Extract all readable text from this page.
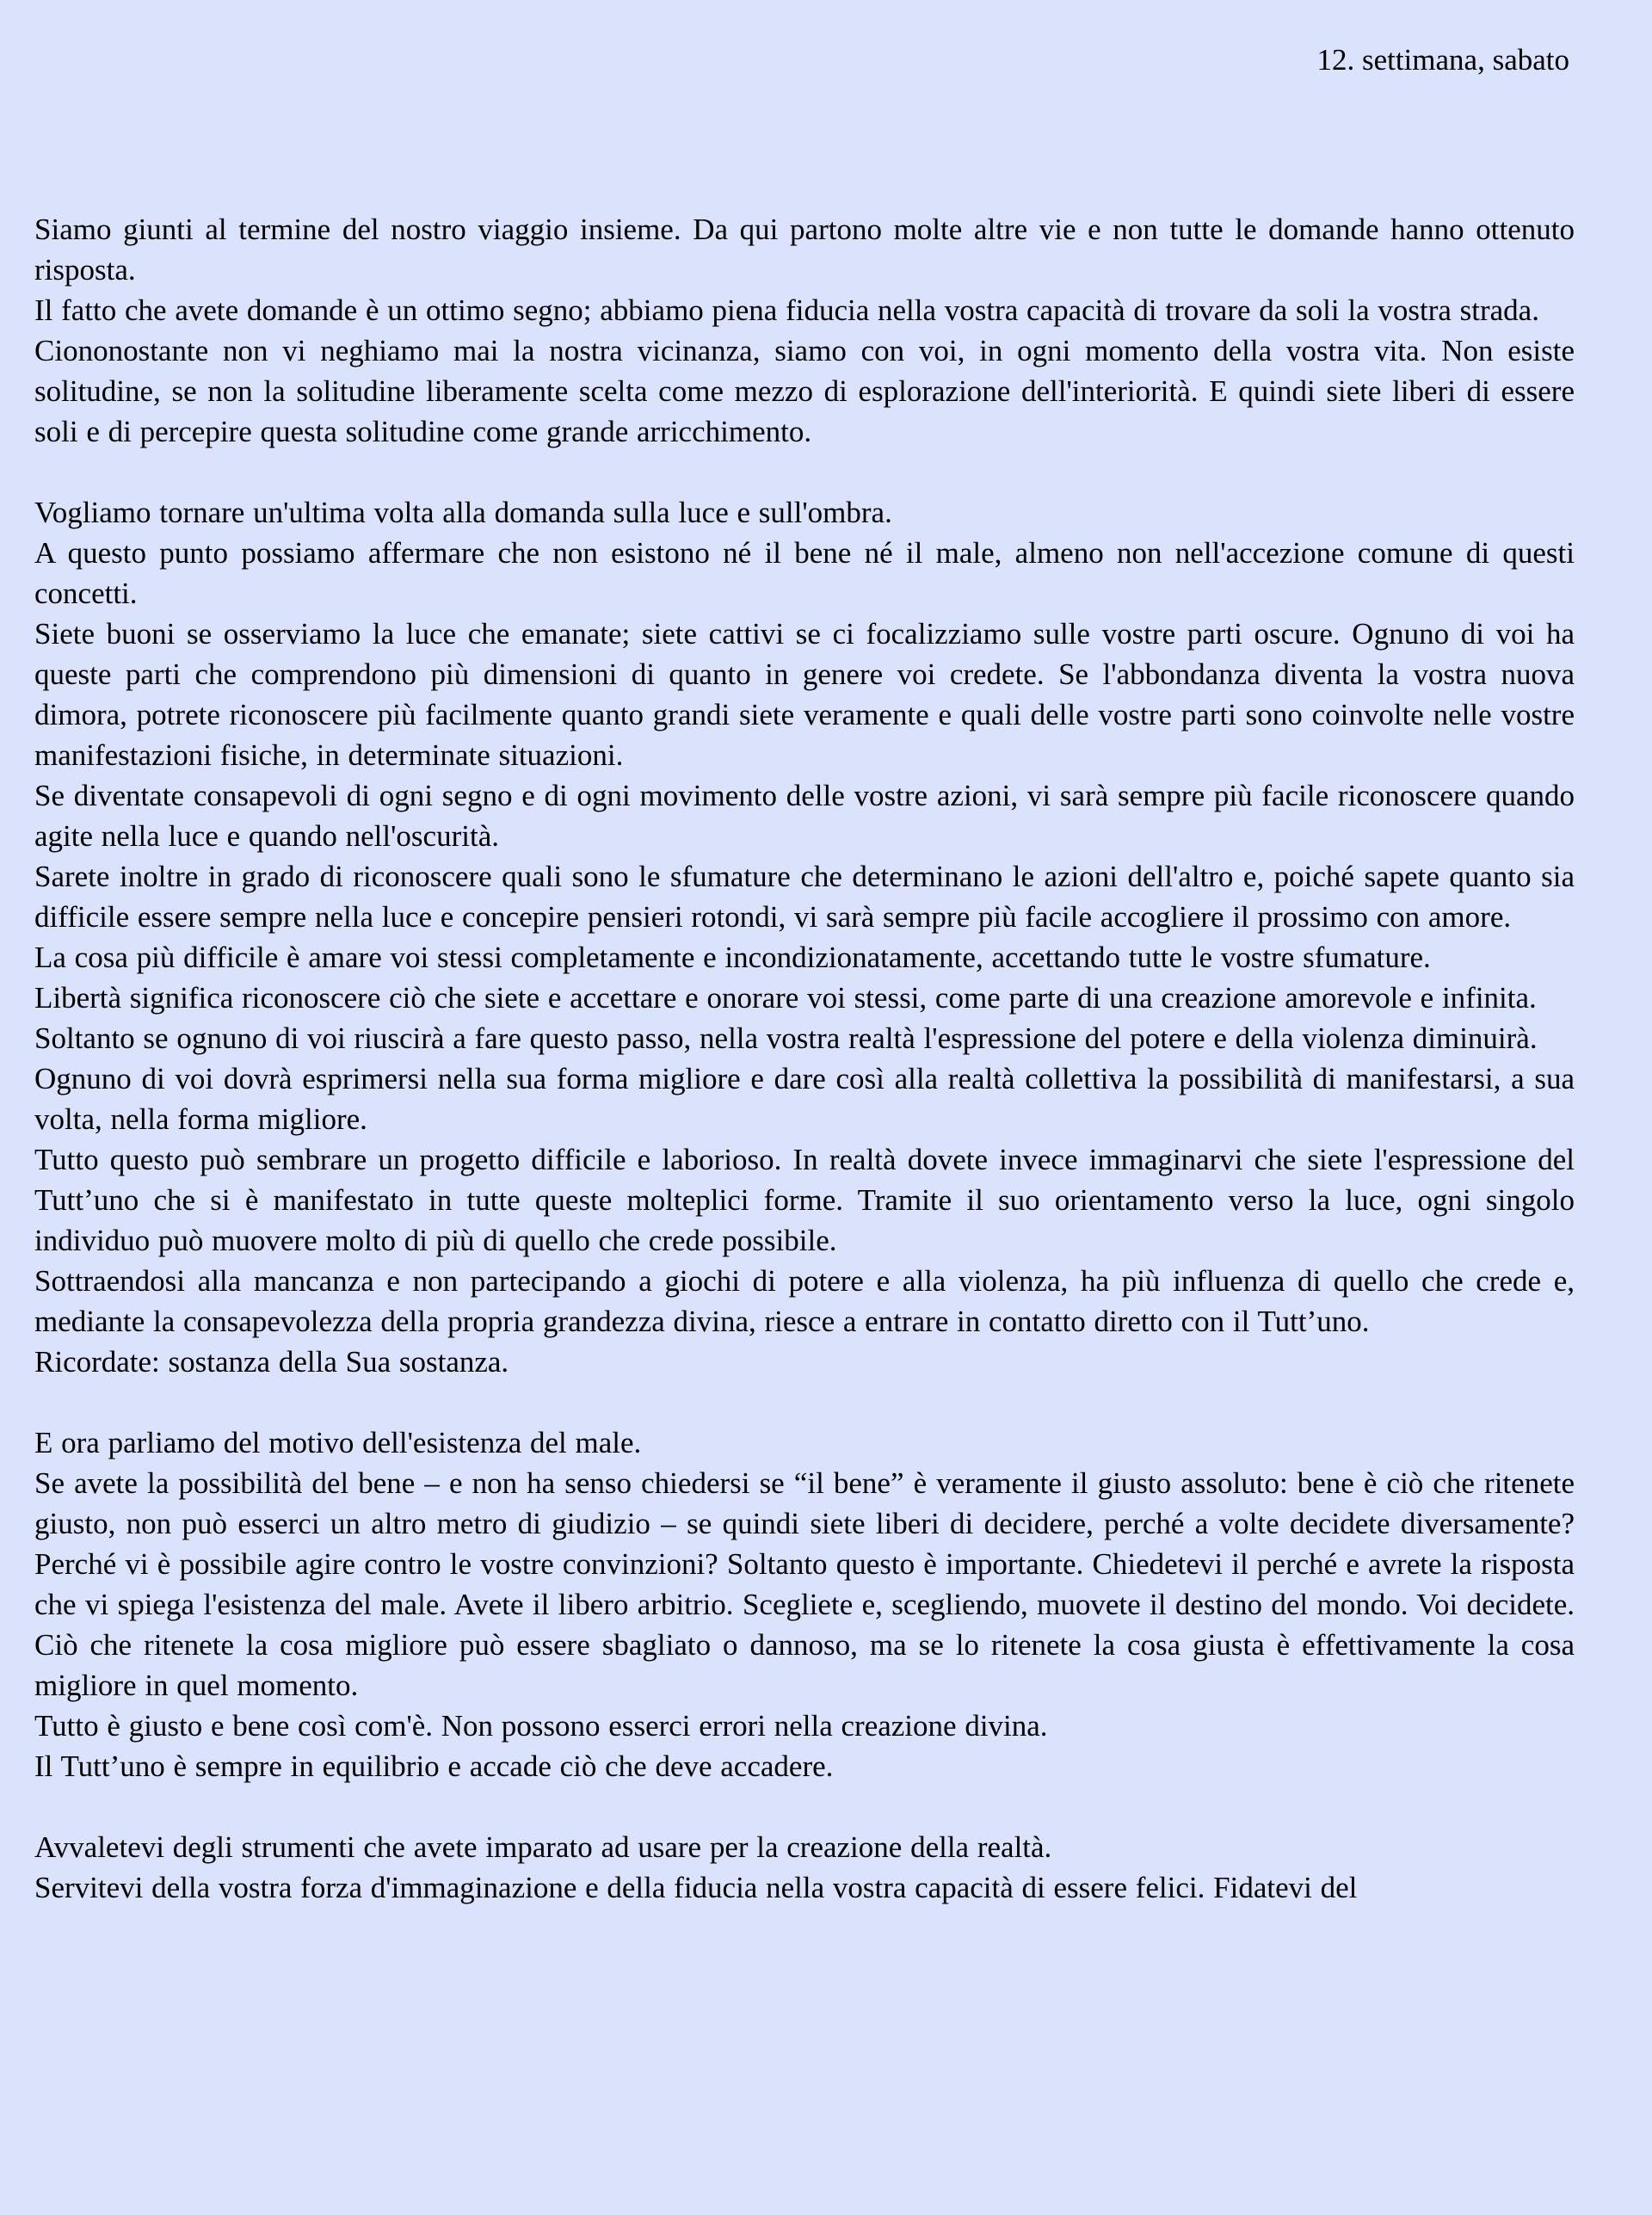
12. settimana, sabato

Siamo giunti al termine del nostro viaggio insieme. Da qui partono molte altre vie e non tutte le domande hanno ottenuto risposta.

Il fatto che avete domande è un ottimo segno; abbiamo piena fiducia nella vostra capacità di trovare da soli la vostra strada.

Ciononostante non vi neghiamo mai la nostra vicinanza, siamo con voi, in ogni momento della vostra vita. Non esiste solitudine, se non la solitudine liberamente scelta come mezzo di esplorazione dell'interiorità. E quindi siete liberi di essere soli e di percepire questa solitudine come grande arricchimento.

Vogliamo tornare un'ultima volta alla domanda sulla luce e sull'ombra.

A questo punto possiamo affermare che non esistono né il bene né il male, almeno non nell'accezione comune di questi concetti.

Siete buoni se osserviamo la luce che emanate; siete cattivi se ci focalizziamo sulle vostre parti oscure. Ognuno di voi ha queste parti che comprendono più dimensioni di quanto in genere voi credete. Se l'abbondanza diventa la vostra nuova dimora, potrete riconoscere più facilmente quanto grandi siete veramente e quali delle vostre parti sono coinvolte nelle vostre manifestazioni fisiche, in determinate situazioni.

Se diventate consapevoli di ogni segno e di ogni movimento delle vostre azioni, vi sarà sempre più facile riconoscere quando agite nella luce e quando nell'oscurità.

Sarete inoltre in grado di riconoscere quali sono le sfumature che determinano le azioni dell'altro e, poiché sapete quanto sia difficile essere sempre nella luce e concepire pensieri rotondi, vi sarà sempre più facile accogliere il prossimo con amore.

La cosa più difficile è amare voi stessi completamente e incondizionatamente, accettando tutte le vostre sfumature.

Libertà significa riconoscere ciò che siete e accettare e onorare voi stessi, come parte di una creazione amorevole e infinita.

Soltanto se ognuno di voi riuscirà a fare questo passo, nella vostra realtà l'espressione del potere e della violenza diminuirà.

Ognuno di voi dovrà esprimersi nella sua forma migliore e dare così alla realtà collettiva la possibilità di manifestarsi, a sua volta, nella forma migliore.

Tutto questo può sembrare un progetto difficile e laborioso. In realtà dovete invece immaginarvi che siete l'espressione del Tutt’uno che si è manifestato in tutte queste molteplici forme. Tramite il suo orientamento verso la luce, ogni singolo individuo può muovere molto di più di quello che crede possibile.

Sottraendosi alla mancanza e non partecipando a giochi di potere e alla violenza, ha più influenza di quello che crede e, mediante la consapevolezza della propria grandezza divina, riesce a entrare in contatto diretto con il Tutt’uno.

Ricordate: sostanza della Sua sostanza.

E ora parliamo del motivo dell'esistenza del male.

Se avete la possibilità del bene – e non ha senso chiedersi se “il bene” è veramente il giusto assoluto: bene è ciò che ritenete giusto, non può esserci un altro metro di giudizio – se quindi siete liberi di decidere, perché a volte decidete diversamente? Perché vi è possibile agire contro le vostre convinzioni? Soltanto questo è importante. Chiedetevi il perché e avrete la risposta che vi spiega l'esistenza del male. Avete il libero arbitrio. Scegliete e, scegliendo, muovete il destino del mondo. Voi decidete. Ciò che ritenete la cosa migliore può essere sbagliato o dannoso, ma se lo ritenete la cosa giusta è effettivamente la cosa migliore in quel momento.

Tutto è giusto e bene così com'è. Non possono esserci errori nella creazione divina.

Il Tutt’uno è sempre in equilibrio e accade ciò che deve accadere.

Avvaletevi degli strumenti che avete imparato ad usare per la creazione della realtà.

Servitevi della vostra forza d'immaginazione e della fiducia nella vostra capacità di essere felici. Fidatevi del
